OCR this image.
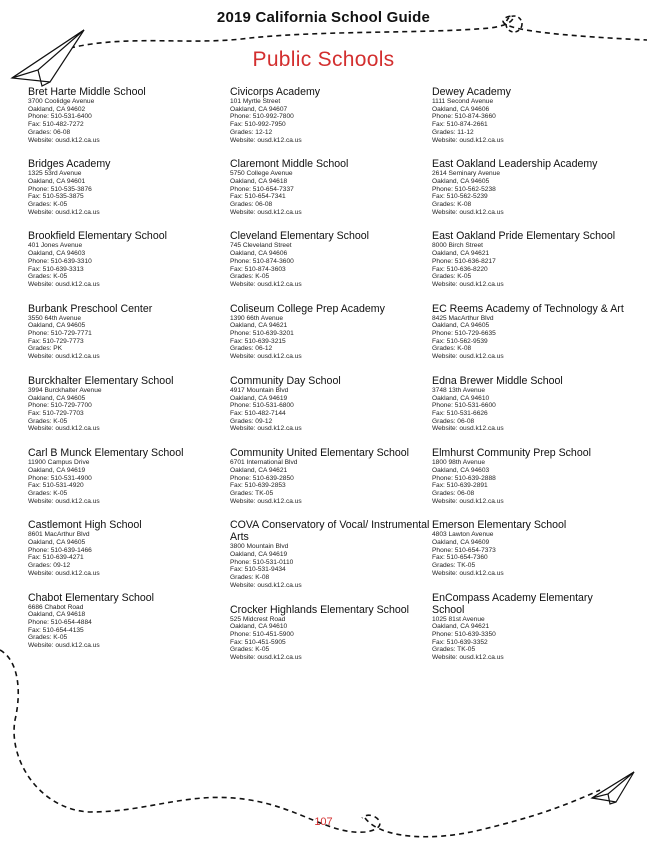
2019 California School Guide
Public Schools
Bret Harte Middle School
3700 Coolidge Avenue
Oakland, CA 94602
Phone: 510-531-6400
Fax: 510-482-7272
Grades: 06-08
Website: ousd.k12.ca.us
Bridges Academy
1325 53rd Avenue
Oakland, CA 94601
Phone: 510-535-3876
Fax: 510-535-3875
Grades: K-05
Website: ousd.k12.ca.us
Brookfield Elementary School
401 Jones Avenue
Oakland, CA 94603
Phone: 510-639-3310
Fax: 510-639-3313
Grades: K-05
Website: ousd.k12.ca.us
Burbank Preschool Center
3550 64th Avenue
Oakland, CA 94605
Phone: 510-729-7771
Fax: 510-729-7773
Grades: PK
Website: ousd.k12.ca.us
Burckhalter Elementary School
3994 Burckhalter Avenue
Oakland, CA 94605
Phone: 510-729-7700
Fax: 510-729-7703
Grades: K-05
Website: ousd.k12.ca.us
Carl B Munck Elementary School
11900 Campus Drive
Oakland, CA 94619
Phone: 510-531-4900
Fax: 510-531-4920
Grades: K-05
Website: ousd.k12.ca.us
Castlemont High School
8601 MacArthur Blvd
Oakland, CA 94605
Phone: 510-639-1466
Fax: 510-639-4271
Grades: 09-12
Website: ousd.k12.ca.us
Chabot Elementary School
6686 Chabot Road
Oakland, CA 94618
Phone: 510-654-4884
Fax: 510-654-4135
Grades: K-05
Website: ousd.k12.ca.us
Civicorps Academy
101 Myrtle Street
Oakland, CA 94607
Phone: 510-992-7800
Fax: 510-992-7950
Grades: 12-12
Website: ousd.k12.ca.us
Claremont Middle School
5750 College Avenue
Oakland, CA 94618
Phone: 510-654-7337
Fax: 510-654-7341
Grades: 06-08
Website: ousd.k12.ca.us
Cleveland Elementary School
745 Cleveland Street
Oakland, CA 94606
Phone: 510-874-3600
Fax: 510-874-3603
Grades: K-05
Website: ousd.k12.ca.us
Coliseum College Prep Academy
1390 66th Avenue
Oakland, CA 94621
Phone: 510-639-3201
Fax: 510-639-3215
Grades: 06-12
Website: ousd.k12.ca.us
Community Day School
4917 Mountain Blvd
Oakland, CA 94619
Phone: 510-531-6800
Fax: 510-482-7144
Grades: 09-12
Website: ousd.k12.ca.us
Community United Elementary School
6701 International Blvd
Oakland, CA 94621
Phone: 510-639-2850
Fax: 510-639-2853
Grades: TK-05
Website: ousd.k12.ca.us
COVA Conservatory of Vocal/ Instrumental Arts
3800 Mountain Blvd
Oakland, CA 94619
Phone: 510-531-0110
Fax: 510-531-9434
Grades: K-08
Website: ousd.k12.ca.us
Crocker Highlands Elementary School
525 Midcrest Road
Oakland, CA 94610
Phone: 510-451-5900
Fax: 510-451-5905
Grades: K-05
Website: ousd.k12.ca.us
Dewey Academy
1111 Second Avenue
Oakland, CA 94606
Phone: 510-874-3660
Fax: 510-874-2661
Grades: 11-12
Website: ousd.k12.ca.us
East Oakland Leadership Academy
2614 Seminary Avenue
Oakland, CA 94605
Phone: 510-562-5238
Fax: 510-562-5239
Grades: K-08
Website: ousd.k12.ca.us
East Oakland Pride Elementary School
8000 Birch Street
Oakland, CA 94621
Phone: 510-636-8217
Fax: 510-636-8220
Grades: K-05
Website: ousd.k12.ca.us
EC Reems Academy of Technology & Art
8425 MacArthur Blvd
Oakland, CA 94605
Phone: 510-729-6635
Fax: 510-562-9539
Grades: K-08
Website: ousd.k12.ca.us
Edna Brewer Middle School
3748 13th Avenue
Oakland, CA 94610
Phone: 510-531-6600
Fax: 510-531-6626
Grades: 06-08
Website: ousd.k12.ca.us
Elmhurst Community Prep School
1800 98th Avenue
Oakland, CA 94603
Phone: 510-639-2888
Fax: 510-639-2891
Grades: 06-08
Website: ousd.k12.ca.us
Emerson Elementary School
4803 Lawton Avenue
Oakland, CA 94609
Phone: 510-654-7373
Fax: 510-654-7360
Grades: TK-05
Website: ousd.k12.ca.us
EnCompass Academy Elementary School
1025 81st Avenue
Oakland, CA 94621
Phone: 510-639-3350
Fax: 510-639-3352
Grades: TK-05
Website: ousd.k12.ca.us
107
